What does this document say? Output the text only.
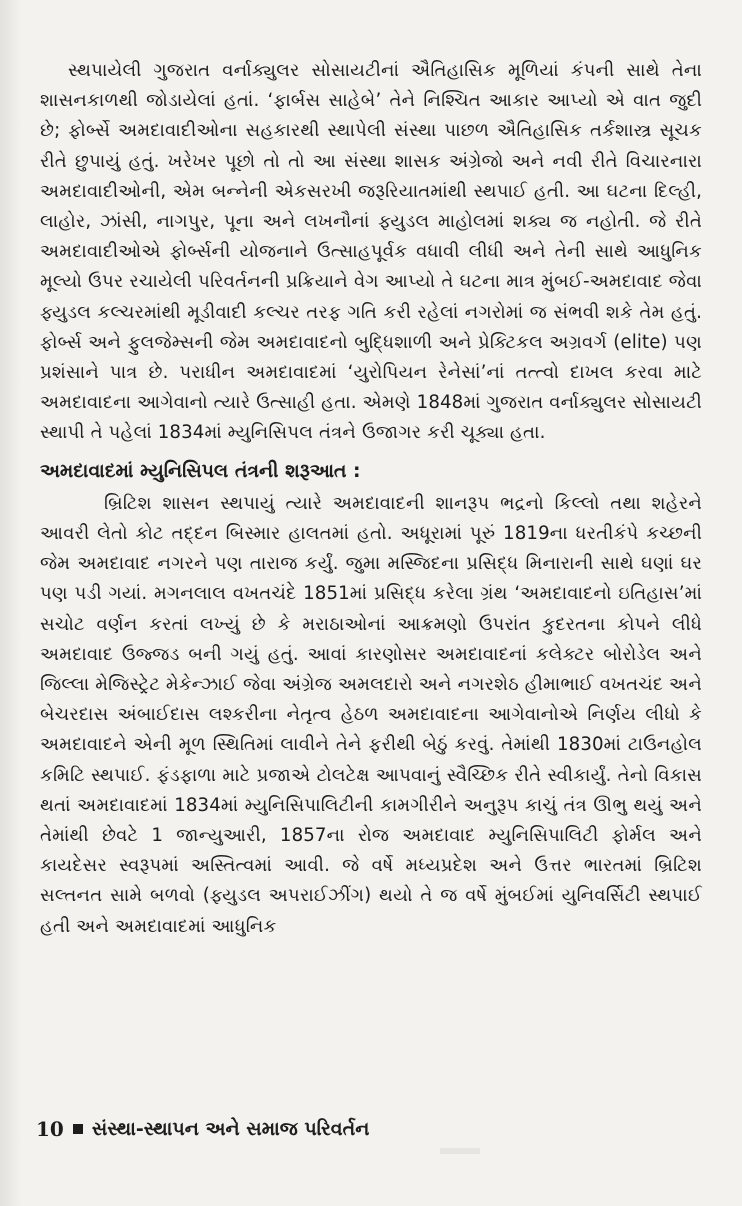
સ્થપાયેલી ગુજરાત વર્નાક્યુલર સોસાયટીનાં ઐતિહાસિક મૂળિયાં કંપની સાથે તેના શાસનકાળથી જોડાયેલાં હતાં. ‘ફાર્બસ સાહેબે’ તેને નિશ્ચિત આકાર આપ્યો એ વાત જુદી છે; ફોર્બ્સે અમદાવાદીઓના સહકારથી સ્થાપેલી સંસ્થા પાછળ ઐતિહાસિક તર્કશાસ્ત્ર સૂચક રીતે છુપાયું હતું. ખરેખર પૂછો તો તો આ સંસ્થા શાસક અંગ્રેજો અને નવી રીતે વિચારનારા અમદાવાદીઓની, એમ બન્નેની એકસરખી જરૂરિયાતમાંથી સ્થપાઈ હતી. આ ઘટના દિલ્હી, લાહોર, ઝાંસી, નાગપુર, પૂના અને લખનૌનાં ફ્યુડલ માહોલમાં શક્ય જ નહોતી. જે રીતે અમદાવાદીઓએ ફોર્બ્સની યોજનાને ઉત્સાહપૂર્વક વધાવી લીધી અને તેની સાથે આધુનિક મૂલ્યો ઉપર રચાયેલી પરિવર્તનની પ્રક્રિયાને વેગ આપ્યો તે ઘટના માત્ર મુંબઈ-અમદાવાદ જેવા ફ્યુડલ કલ્ચરમાંથી મૂડીવાદી કલ્ચર તરફ ગતિ કરી રહેલાં નગરોમાં જ સંભવી શકે તેમ હતું. ફોર્બ્સ અને ફુલજેમ્સની જેમ અમદાવાદનો બુદ્ધિશાળી અને પ્રેક્ટિકલ અગ્રવર્ગ (elite) પણ પ્રશંસાને પાત્ર છે. પરાધીન અમદાવાદમાં ‘યુરોપિયન રેનેસાં’નાં તત્ત્વો દાખલ કરવા માટે અમદાવાદના આગેવાનો ત્યારે ઉત્સાહી હતા. એમણે 1848માં ગુજરાત વર્નાક્યુલર સોસાયટી સ્થાપી તે પહેલાં 1834માં મ્યુનિસિપલ તંત્રને ઉજાગર કરી ચૂક્યા હતા.

અમદાવાદમાં મ્યુનિસિપલ તંત્રની શરૂઆત :

બ્રિટિશ શાસન સ્થપાયું ત્યારે અમદાવાદની શાનરૂપ ભદ્રનો કિલ્લો તથા શહેરને આવરી લેતો કોટ તદ્દન બિસ્માર હાલતમાં હતો. અધૂરામાં પૂરું 1819ના ધરતીકંપે કચ્છની જેમ અમદાવાદ નગરને પણ તારાજ કર્યું. જુમા મસ્જિદના પ્રસિદ્ધ મિનારાની સાથે ઘણાં ઘર પણ પડી ગયાં. મગનલાલ વખતચંદે 1851માં પ્રસિદ્ધ કરેલા ગ્રંથ ‘અમદાવાદનો ઇતિહાસ’માં સચોટ વર્ણન કરતાં લખ્યું છે કે મરાઠાઓનાં આક્રમણો ઉપરાંત કુદરતના કોપને લીધે અમદાવાદ ઉજ્જડ બની ગયું હતું. આવાં કારણોસર અમદાવાદનાં કલેક્ટર બોરોડેલ અને જિલ્લા મેજિસ્ટ્રેટ મેકેન્ઝાઈ જેવા અંગ્રેજ અમલદારો અને નગરશેઠ હીમાભાઈ વખતચંદ અને બેચરદાસ અંબાઈદાસ લશ્કરીના નેતૃત્વ હેઠળ અમદાવાદના આગેવાનોએ નિર્ણય લીધો કે અમદાવાદને એની મૂળ સ્થિતિમાં લાવીને તેને ફરીથી બેઠું કરવું. તેમાંથી 1830માં ટાઉનહોલ કમિટિ સ્થપાઈ. ફંડફાળા માટે પ્રજાએ ટોલટેક્ષ આપવાનું સ્વૈચ્છિક રીતે સ્વીકાર્યું. તેનો વિકાસ થતાં અમદાવાદમાં 1834માં મ્યુનિસિપાલિટીની કામગીરીને અનુરૂપ કાચું તંત્ર ઊભુ થયું અને તેમાંથી છેવટે 1 જાન્યુઆરી, 1857ના રોજ અમદાવાદ મ્યુનિસિપાલિટી ફોર્મલ અને કાયદેસર સ્વરૂપમાં અસ્તિત્વમાં આવી. જે વર્ષે મધ્યપ્રદેશ અને ઉત્તર ભારતમાં બ્રિટિશ સલ્તનત સામે બળવો (ફ્યુડલ અપરાઈઝીંગ) થયો તે જ વર્ષે મુંબઈમાં યુનિવર્સિટી સ્થપાઈ હતી અને અમદાવાદમાં આધુનિક

10 સંસ્થા-સ્થાપન અને સમાજ પરિવર્તન
